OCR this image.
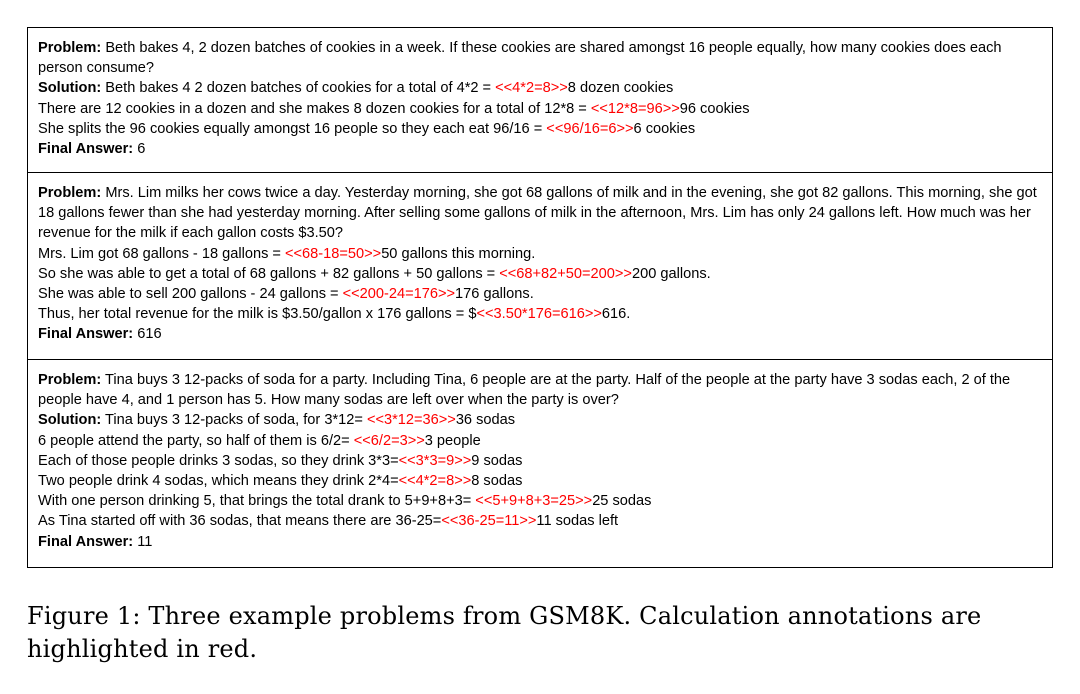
Problem: Beth bakes 4, 2 dozen batches of cookies in a week. If these cookies are shared amongst 16 people equally, how many cookies does each person consume?
Solution: Beth bakes 4 2 dozen batches of cookies for a total of 4*2 = <<4*2=8>>8 dozen cookies
There are 12 cookies in a dozen and she makes 8 dozen cookies for a total of 12*8 = <<12*8=96>>96 cookies
She splits the 96 cookies equally amongst 16 people so they each eat 96/16 = <<96/16=6>>6 cookies
Final Answer: 6
Problem: Mrs. Lim milks her cows twice a day. Yesterday morning, she got 68 gallons of milk and in the evening, she got 82 gallons. This morning, she got 18 gallons fewer than she had yesterday morning. After selling some gallons of milk in the afternoon, Mrs. Lim has only 24 gallons left. How much was her revenue for the milk if each gallon costs $3.50?
Mrs. Lim got 68 gallons - 18 gallons = <<68-18=50>>50 gallons this morning.
So she was able to get a total of 68 gallons + 82 gallons + 50 gallons = <<68+82+50=200>>200 gallons.
She was able to sell 200 gallons - 24 gallons = <<200-24=176>>176 gallons.
Thus, her total revenue for the milk is $3.50/gallon x 176 gallons = $<<3.50*176=616>>616.
Final Answer: 616
Problem: Tina buys 3 12-packs of soda for a party. Including Tina, 6 people are at the party. Half of the people at the party have 3 sodas each, 2 of the people have 4, and 1 person has 5. How many sodas are left over when the party is over?
Solution: Tina buys 3 12-packs of soda, for 3*12= <<3*12=36>>36 sodas
6 people attend the party, so half of them is 6/2= <<6/2=3>>3 people
Each of those people drinks 3 sodas, so they drink 3*3=<<3*3=9>>9 sodas
Two people drink 4 sodas, which means they drink 2*4=<<4*2=8>>8 sodas
With one person drinking 5, that brings the total drank to 5+9+8+3= <<5+9+8+3=25>>25 sodas
As Tina started off with 36 sodas, that means there are 36-25=<<36-25=11>>11 sodas left
Final Answer: 11
Figure 1: Three example problems from GSM8K. Calculation annotations are highlighted in red.
